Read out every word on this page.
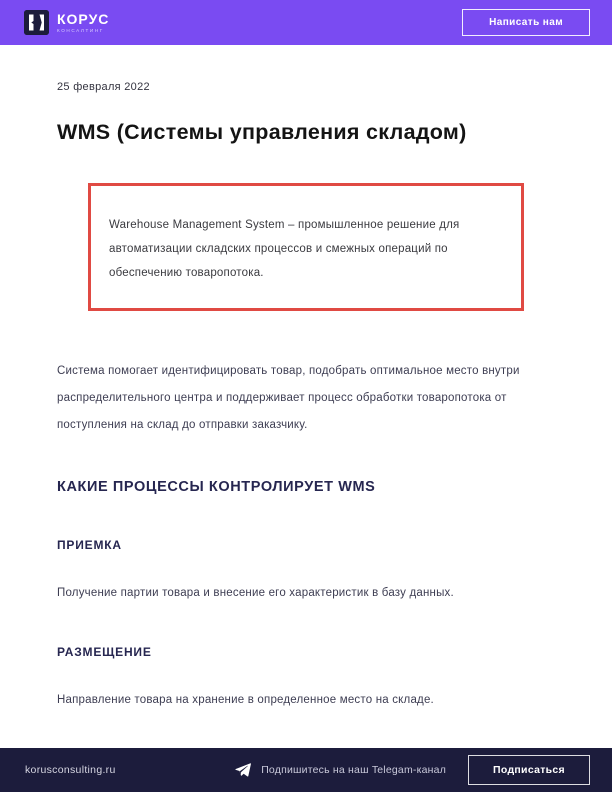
КОРУС
КОНСАЛТИНГ
Написать нам
25 февраля 2022
WMS (Системы управления складом)
Warehouse Management System – промышленное решение для автоматизации складских процессов и смежных операций по обеспечению товаропотока.

Система помогает идентифицировать товар, подобрать оптимальное место внутри распределительного центра и поддерживает процесс обработки товаропотока от поступления на склад до отправки заказчику.

КАКИЕ ПРОЦЕССЫ КОНТРОЛИРУЕТ WMS
ПРИЕМКА

Получение партии товара и внесение его характеристик в базу данных.

РАЗМЕЩЕНИЕ

Направление товара на хранение в определенное место на складе.

korusconsulting.ru	Подпишитесь на наш Telegam-канал	Подписаться
